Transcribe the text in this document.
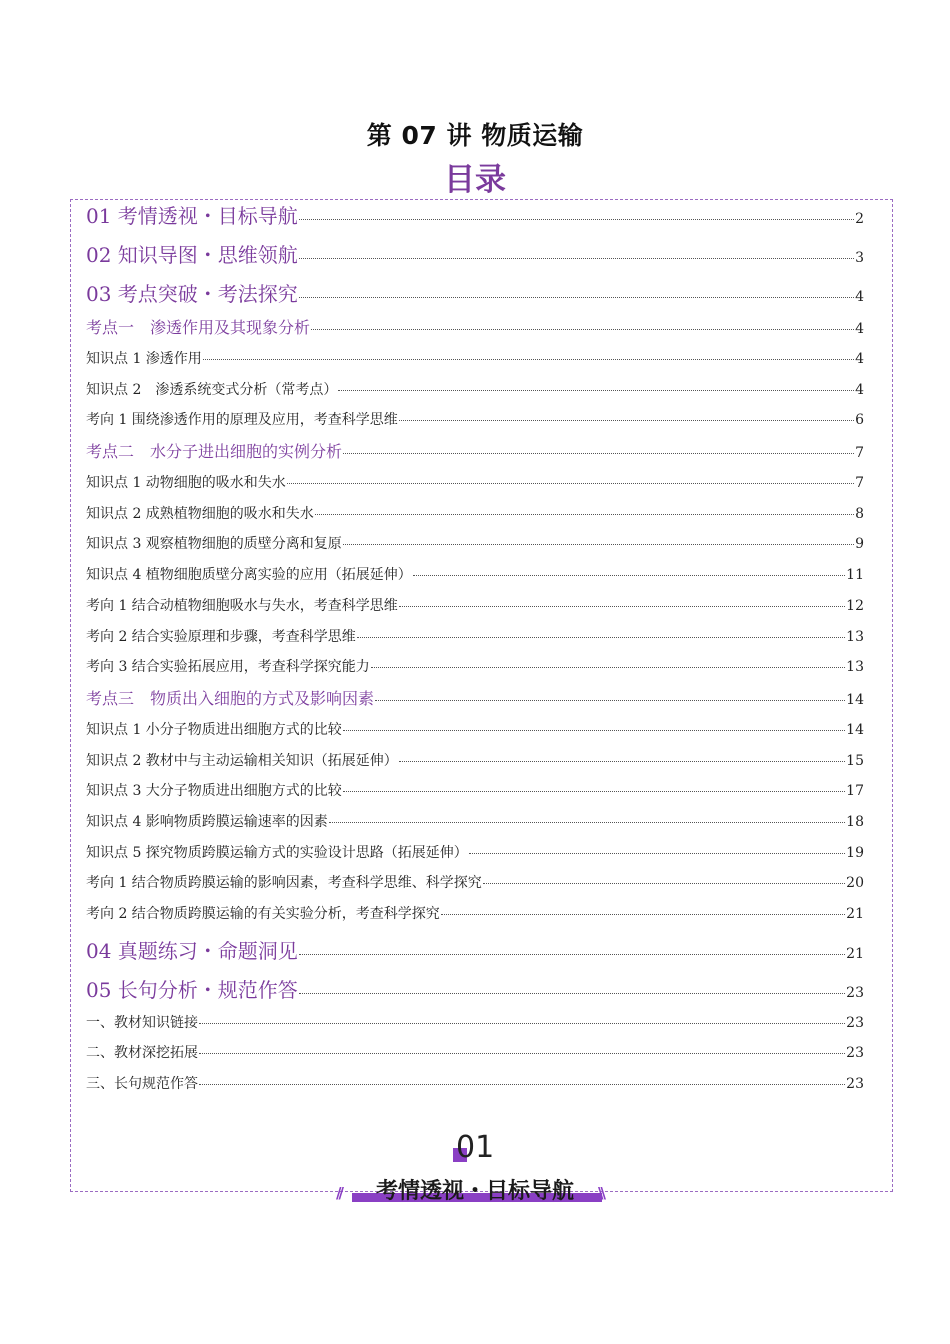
第 07 讲 物质运输
目录
01 考情透视・目标导航	2
02 知识导图・思维领航	3
03 考点突破・考法探究	4
考点一　渗透作用及其现象分析	4
知识点 1 渗透作用	4
知识点 2　渗透系统变式分析（常考点）	4
考向 1 围绕渗透作用的原理及应用，考查科学思维	6
考点二　水分子进出细胞的实例分析	7
知识点 1 动物细胞的吸水和失水	7
知识点 2 成熟植物细胞的吸水和失水	8
知识点 3 观察植物细胞的质壁分离和复原	9
知识点 4 植物细胞质壁分离实验的应用（拓展延伸）	11
考向 1 结合动植物细胞吸水与失水，考查科学思维	12
考向 2 结合实验原理和步骤，考查科学思维	13
考向 3 结合实验拓展应用，考查科学探究能力	13
考点三　物质出入细胞的方式及影响因素	14
知识点 1 小分子物质进出细胞方式的比较	14
知识点 2 教材中与主动运输相关知识（拓展延伸）	15
知识点 3 大分子物质进出细胞方式的比较	17
知识点 4 影响物质跨膜运输速率的因素	18
知识点 5 探究物质跨膜运输方式的实验设计思路（拓展延伸）	19
考向 1 结合物质跨膜运输的影响因素，考查科学思维、科学探究	20
考向 2 结合物质跨膜运输的有关实验分析，考查科学探究	21
04 真题练习・命题洞见	21
05 长句分析・规范作答	23
一、教材知识链接	23
二、教材深挖拓展	23
三、长句规范作答	23
01
//	考情透视・目标导航	\\
